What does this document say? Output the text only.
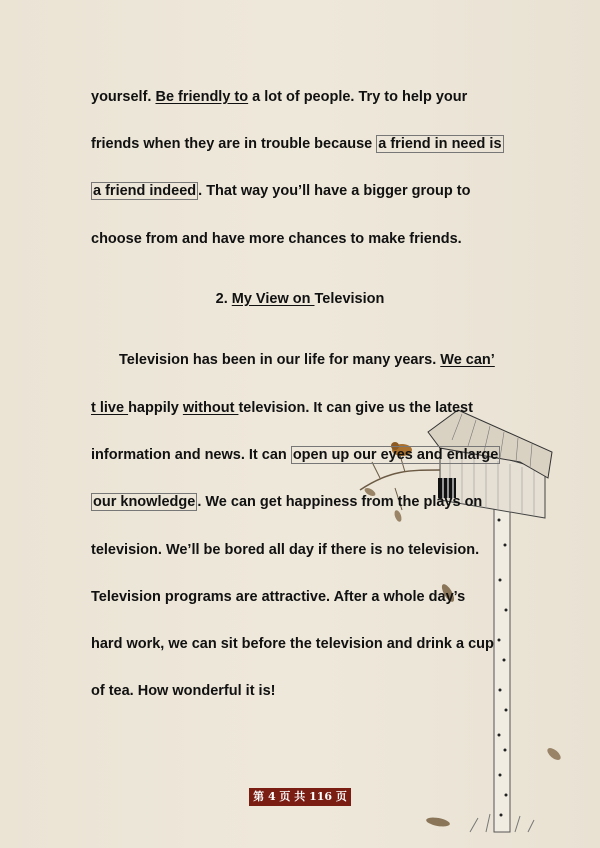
yourself. Be friendly to a lot of people. Try to help your
friends when they are in trouble because a friend in need is
a friend indeed . That way you’ll have a bigger group to
choose from and have more chances to make friends.
2. My View on Television
Television has been in our life for many years. We can’
t live happily without television. It can give us the latest
information and news. It can open up our eyes and enlarge
our knowledge . We can get happiness from the plays on
television. We’ll be bored all day if there is no television.
Television programs are attractive. After a whole day’s
hard work, we can sit before the television and drink a cup
of tea. How wonderful it is!
第 4 页 共 116 页
